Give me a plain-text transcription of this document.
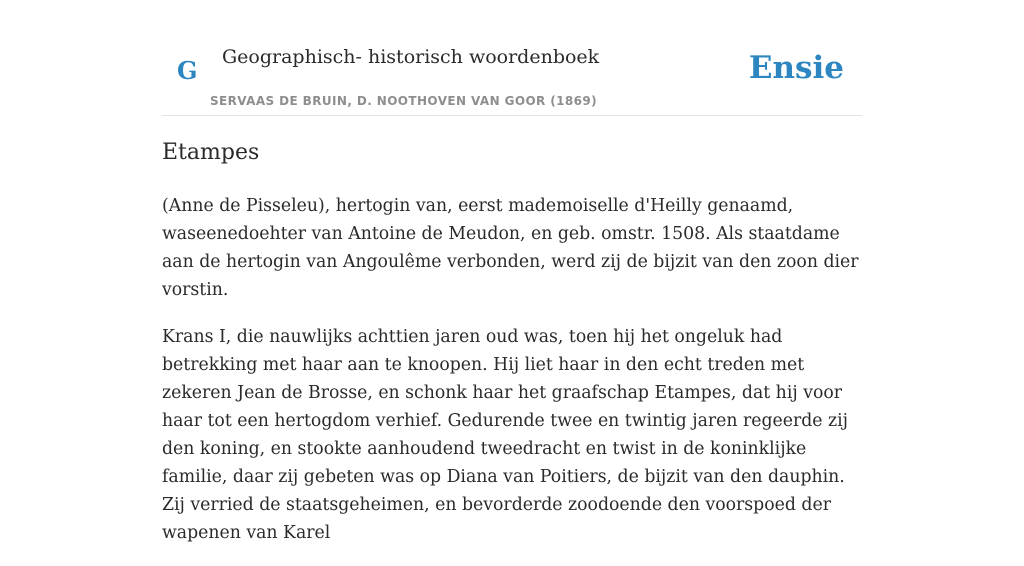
G Geographisch- historisch woordenboek
SERVAAS DE BRUIN, D. NOOTHOVEN VAN GOOR (1869)
Ensie
Etampes

(Anne de Pisseleu), hertogin van, eerst mademoiselle d'Heilly genaamd, waseenedoehter van Antoine de Meudon, en geb. omstr. 1508. Als staatdame aan de hertogin van Angoulême verbonden, werd zij de bijzit van den zoon dier vorstin.

Krans I, die nauwlijks achttien jaren oud was, toen hij het ongeluk had betrekking met haar aan te knoopen. Hij liet haar in den echt treden met zekeren Jean de Brosse, en schonk haar het graafschap Etampes, dat hij voor haar tot een hertogdom verhief. Gedurende twee en twintig jaren regeerde zij den koning, en stookte aanhoudend tweedracht en twist in de koninklijke familie, daar zij gebeten was op Diana van Poitiers, de bijzit van den dauphin. Zij verried de staatsgeheimen, en bevorderde zoodoende den voorspoed der wapenen van Karel
